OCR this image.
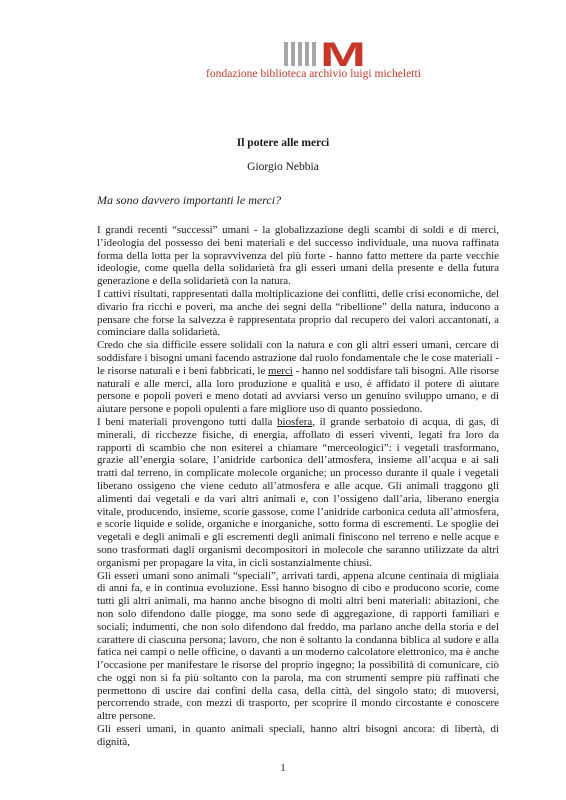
M
fondazione biblioteca archivio luigi micheletti
Il potere alle merci
Giorgio Nebbia
Ma sono davvero importanti le merci?

I grandi recenti “successi” umani - la globalizzazione degli scambi di soldi e di merci, l’ideologia del possesso dei beni materiali e del successo individuale, una nuova raffinata forma della lotta per la sopravvivenza del più forte - hanno fatto mettere da parte vecchie ideologie, come quella della solidarietà fra gli esseri umani della presente e della futura generazione e della solidarietà con la natura.

I cattivi risultati, rappresentati dalla moltiplicazione dei conflitti, delle crisi economiche, del divario fra ricchi e poveri, ma anche dei segni della “ribellione” della natura, inducono a pensare che forse la salvezza è rappresentata proprio dal recupero dei valori accantonati, a cominciare dalla solidarietà.

Credo che sia difficile essere solidali con la natura e con gli altri esseri umani, cercare di soddisfare i bisogni umani facendo astrazione dal ruolo fondamentale che le cose materiali - le risorse naturali e i beni fabbricati, le merci - hanno nel soddisfare tali bisogni. Alle risorse naturali e alle merci, alla loro produzione e qualità e uso, è affidato il potere di aiutare persone e popoli poveri e meno dotati ad avviarsi verso un genuino sviluppo umano, e di aiutare persone e popoli opulenti a fare migliore uso di quanto possiedono.

I beni materiali provengono tutti dalla biosfera, il grande serbatoio di acqua, di gas, di minerali, di ricchezze fisiche, di energia, affollato di esseri viventi, legati fra loro da rapporti di scambio che non esiterei a chiamare “merceologici”: i vegetali trasformano, grazie all’energia solare, l’anidride carbonica dell’atmosfera, insieme all’acqua e ai sali tratti dal terreno, in complicate molecole organiche; un processo durante il quale i vegetali liberano ossigeno che viene ceduto all’atmosfera e alle acque. Gli animali traggono gli alimenti dai vegetali e da vari altri animali e, con l’ossigeno dall’aria, liberano energia vitale, producendo, insieme, scorie gassose, come l’anidride carbonica ceduta all’atmosfera, e scorie liquide e solide, organiche e inorganiche, sotto forma di escrementi. Le spoglie dei vegetali e degli animali e gli escrementi degli animali finiscono nel terreno e nelle acque e sono trasformati dagli organismi decompositori in molecole che saranno utilizzate da altri organismi per propagare la vita, in cicli sostanzialmente chiusi.

Gli esseri umani sono animali “speciali”, arrivati tardi, appena alcune centinaia di migliaia di anni fa, e in continua evoluzione. Essi hanno bisogno di cibo e producono scorie, come tutti gli altri animali, ma hanno anche bisogno di molti altri beni materiali: abitazioni, che non solo difendono dalle piogge, ma sono sede di aggregazione, di rapporti familiari e sociali; indumenti, che non solo difendono dal freddo, ma parlano anche della storia e del carattere di ciascuna persona; lavoro, che non è soltanto la condanna biblica al sudore e alla fatica nei campi o nelle officine, o davanti a un moderno calcolatore elettronico, ma è anche l’occasione per manifestare le risorse del proprio ingegno; la possibilità di comunicare, ciò che oggi non si fa più soltanto con la parola, ma con strumenti sempre più raffinati che permettono di uscire dai confini della casa, della città, del singolo stato; di muoversi, percorrendo strade, con mezzi di trasporto, per scoprire il mondo circostante e conoscere altre persone.

Gli esseri umani, in quanto animali speciali, hanno altri bisogni ancora: di libertà, di dignità,

1
